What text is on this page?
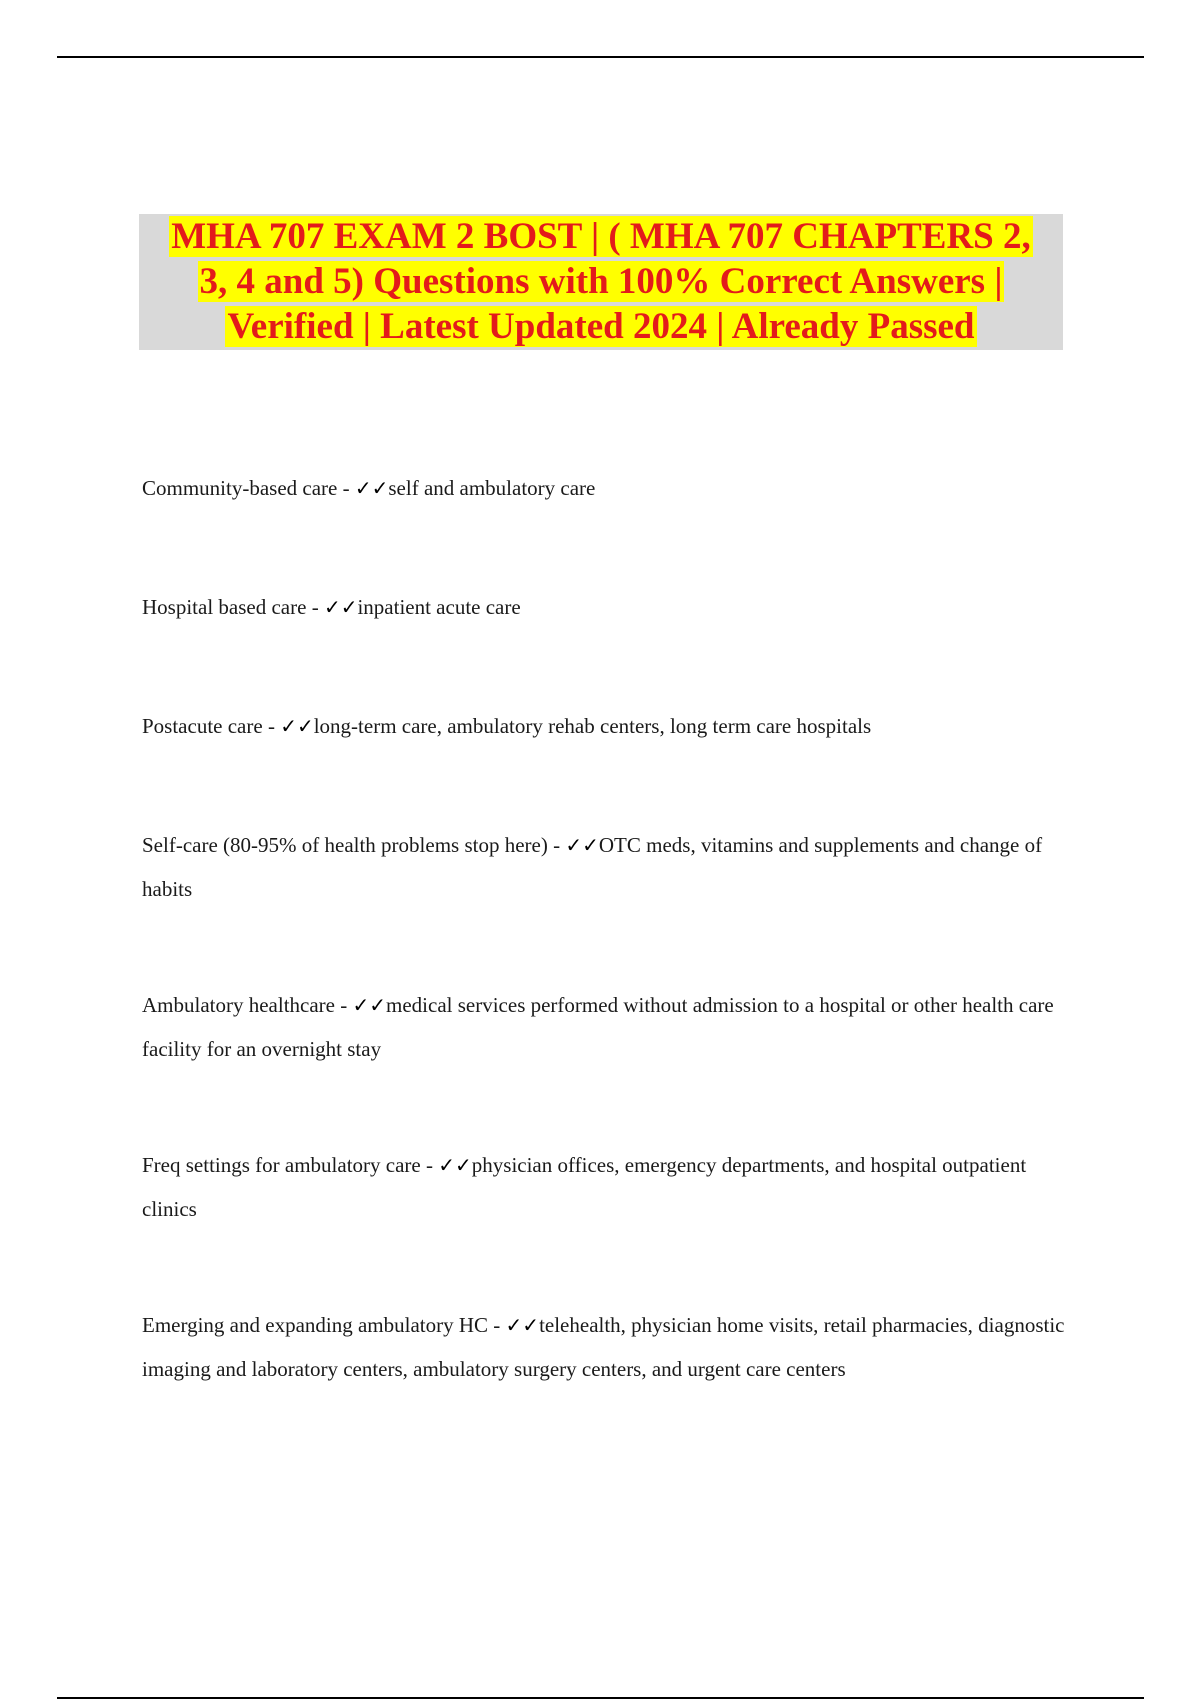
MHA 707 EXAM 2 BOST | ( MHA 707 CHAPTERS 2,
3, 4 and 5) Questions with 100% Correct Answers |
Verified | Latest Updated 2024 | Already Passed
Community-based care - ✓✓self and ambulatory care
Hospital based care - ✓✓inpatient acute care
Postacute care - ✓✓long-term care, ambulatory rehab centers, long term care hospitals
Self-care (80-95% of health problems stop here) - ✓✓OTC meds, vitamins and supplements and change of habits
Ambulatory healthcare - ✓✓medical services performed without admission to a hospital or other health care facility for an overnight stay
Freq settings for ambulatory care - ✓✓physician offices, emergency departments, and hospital outpatient clinics
Emerging and expanding ambulatory HC - ✓✓telehealth, physician home visits, retail pharmacies, diagnostic imaging and laboratory centers, ambulatory surgery centers, and urgent care centers
